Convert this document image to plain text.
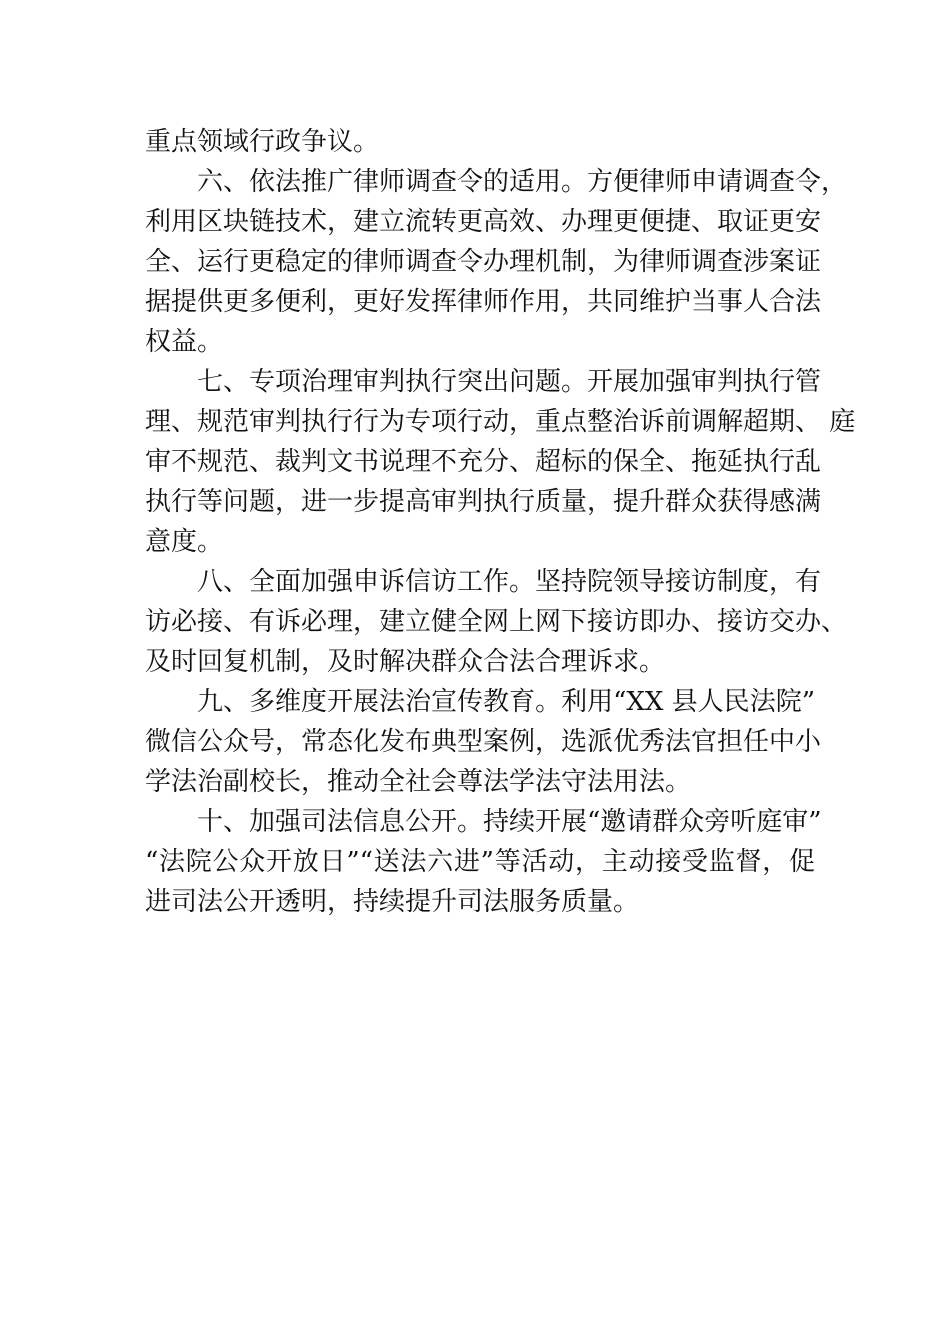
重点领域行政争议。
六、依法推广律师调查令的适用。方便律师申请调查令，
利用区块链技术，建立流转更高效、办理更便捷、取证更安
全、运行更稳定的律师调查令办理机制，为律师调查涉案证
据提供更多便利，更好发挥律师作用，共同维护当事人合法
权益。
七、专项治理审判执行突出问题。开展加强审判执行管
理、规范审判执行行为专项行动，重点整治诉前调解超期、 庭
审不规范、裁判文书说理不充分、超标的保全、拖延执行乱
执行等问题，进一步提高审判执行质量，提升群众获得感满
意度。
八、全面加强申诉信访工作。坚持院领导接访制度，有
访必接、有诉必理，建立健全网上网下接访即办、接访交办、
及时回复机制，及时解决群众合法合理诉求。
九、多维度开展法治宣传教育。利用“XX 县人民法院”
微信公众号，常态化发布典型案例，选派优秀法官担任中小
学法治副校长，推动全社会尊法学法守法用法。
十、加强司法信息公开。持续开展“邀请群众旁听庭审”
“法院公众开放日”“送法六进”等活动，主动接受监督，促
进司法公开透明，持续提升司法服务质量。
